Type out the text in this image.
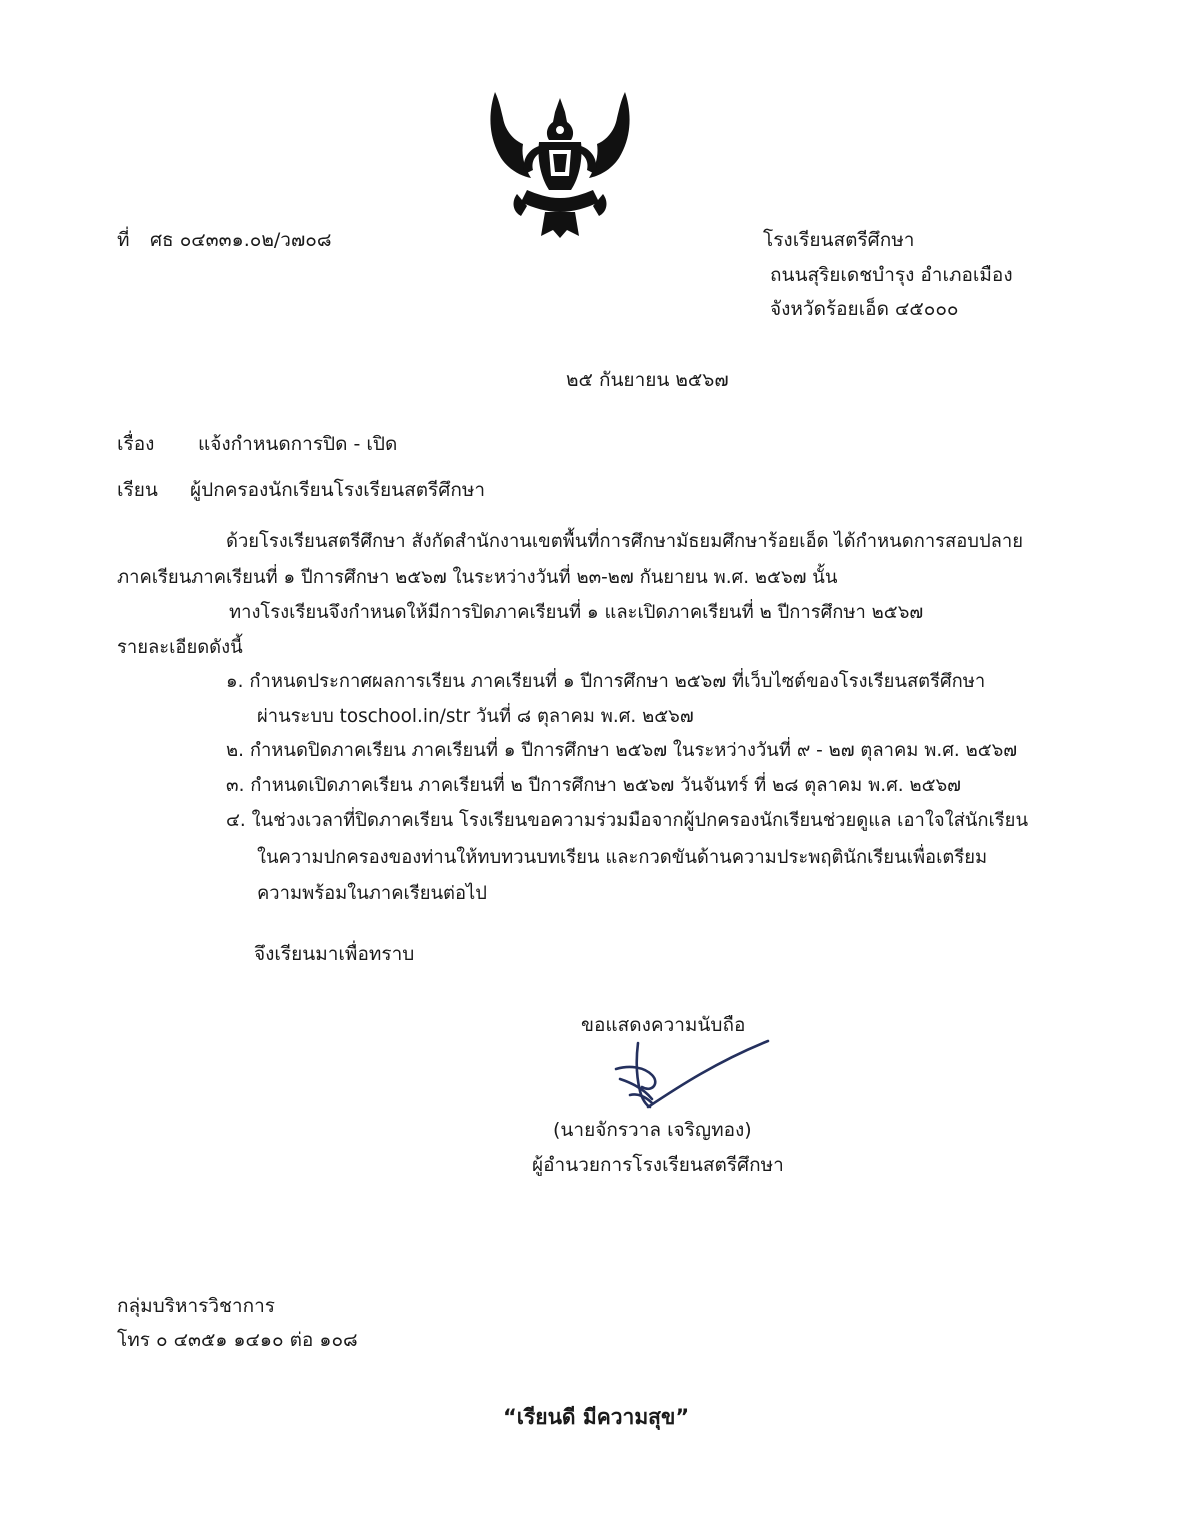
ที่ ศธ ๐๔๓๓๑.๐๒/ว๗๐๘	โรงเรียนสตรีศึกษา
ถนนสุริยเดชบำรุง อำเภอเมือง
จังหวัดร้อยเอ็ด ๔๕๐๐๐
๒๕ กันยายน ๒๕๖๗
เรื่อง แจ้งกำหนดการปิด - เปิด
เรียน ผู้ปกครองนักเรียนโรงเรียนสตรีศึกษา
ด้วยโรงเรียนสตรีศึกษา สังกัดสำนักงานเขตพื้นที่การศึกษามัธยมศึกษาร้อยเอ็ด ได้กำหนดการสอบปลาย
ภาคเรียนภาคเรียนที่ ๑ ปีการศึกษา ๒๕๖๗ ในระหว่างวันที่ ๒๓-๒๗ กันยายน พ.ศ. ๒๕๖๗ นั้น
ทางโรงเรียนจึงกำหนดให้มีการปิดภาคเรียนที่ ๑ และเปิดภาคเรียนที่ ๒ ปีการศึกษา ๒๕๖๗
รายละเอียดดังนี้
๑. กำหนดประกาศผลการเรียน ภาคเรียนที่ ๑ ปีการศึกษา ๒๕๖๗ ที่เว็บไซต์ของโรงเรียนสตรีศึกษา
ผ่านระบบ toschool.in/str วันที่ ๘ ตุลาคม พ.ศ. ๒๕๖๗
๒. กำหนดปิดภาคเรียน ภาคเรียนที่ ๑ ปีการศึกษา ๒๕๖๗ ในระหว่างวันที่ ๙ - ๒๗ ตุลาคม พ.ศ. ๒๕๖๗
๓. กำหนดเปิดภาคเรียน ภาคเรียนที่ ๒ ปีการศึกษา ๒๕๖๗ วันจันทร์ ที่ ๒๘ ตุลาคม พ.ศ. ๒๕๖๗
๔. ในช่วงเวลาที่ปิดภาคเรียน โรงเรียนขอความร่วมมือจากผู้ปกครองนักเรียนช่วยดูแล เอาใจใส่นักเรียน
ในความปกครองของท่านให้ทบทวนบทเรียน และกวดขันด้านความประพฤตินักเรียนเพื่อเตรียม
ความพร้อมในภาคเรียนต่อไป
จึงเรียนมาเพื่อทราบ
ขอแสดงความนับถือ
(นายจักรวาล เจริญทอง)
ผู้อำนวยการโรงเรียนสตรีศึกษา
กลุ่มบริหารวิชาการ
โทร ๐ ๔๓๕๑ ๑๔๑๐ ต่อ ๑๐๘
“เรียนดี มีความสุข”
